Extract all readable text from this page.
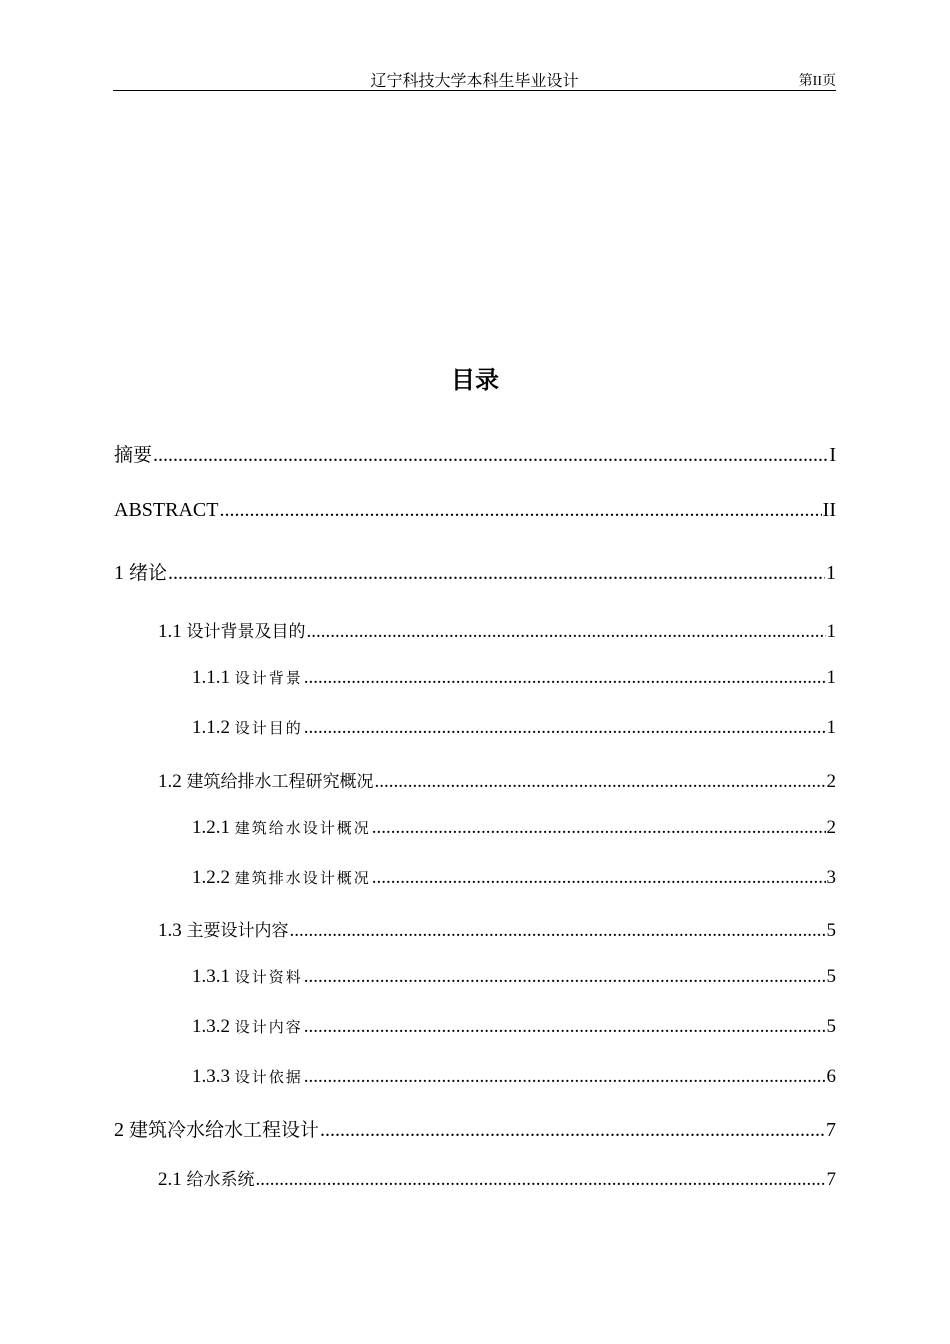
辽宁科技大学本科生毕业设计	第II页
目录
摘要 .....	I
ABSTRACT .....	II
1 绪论 .....	1
1.1 设计背景及目的 .....	1
1.1.1 设计背景 .....	1
1.1.2 设计目的 .....	1
1.2 建筑给排水工程研究概况 .....	2
1.2.1 建筑给水设计概况 .....	2
1.2.2 建筑排水设计概况 .....	3
1.3 主要设计内容 .....	5
1.3.1 设计资料 .....	5
1.3.2 设计内容 .....	5
1.3.3 设计依据 .....	6
2 建筑冷水给水工程设计 .....	7
2.1 给水系统 .....	7
